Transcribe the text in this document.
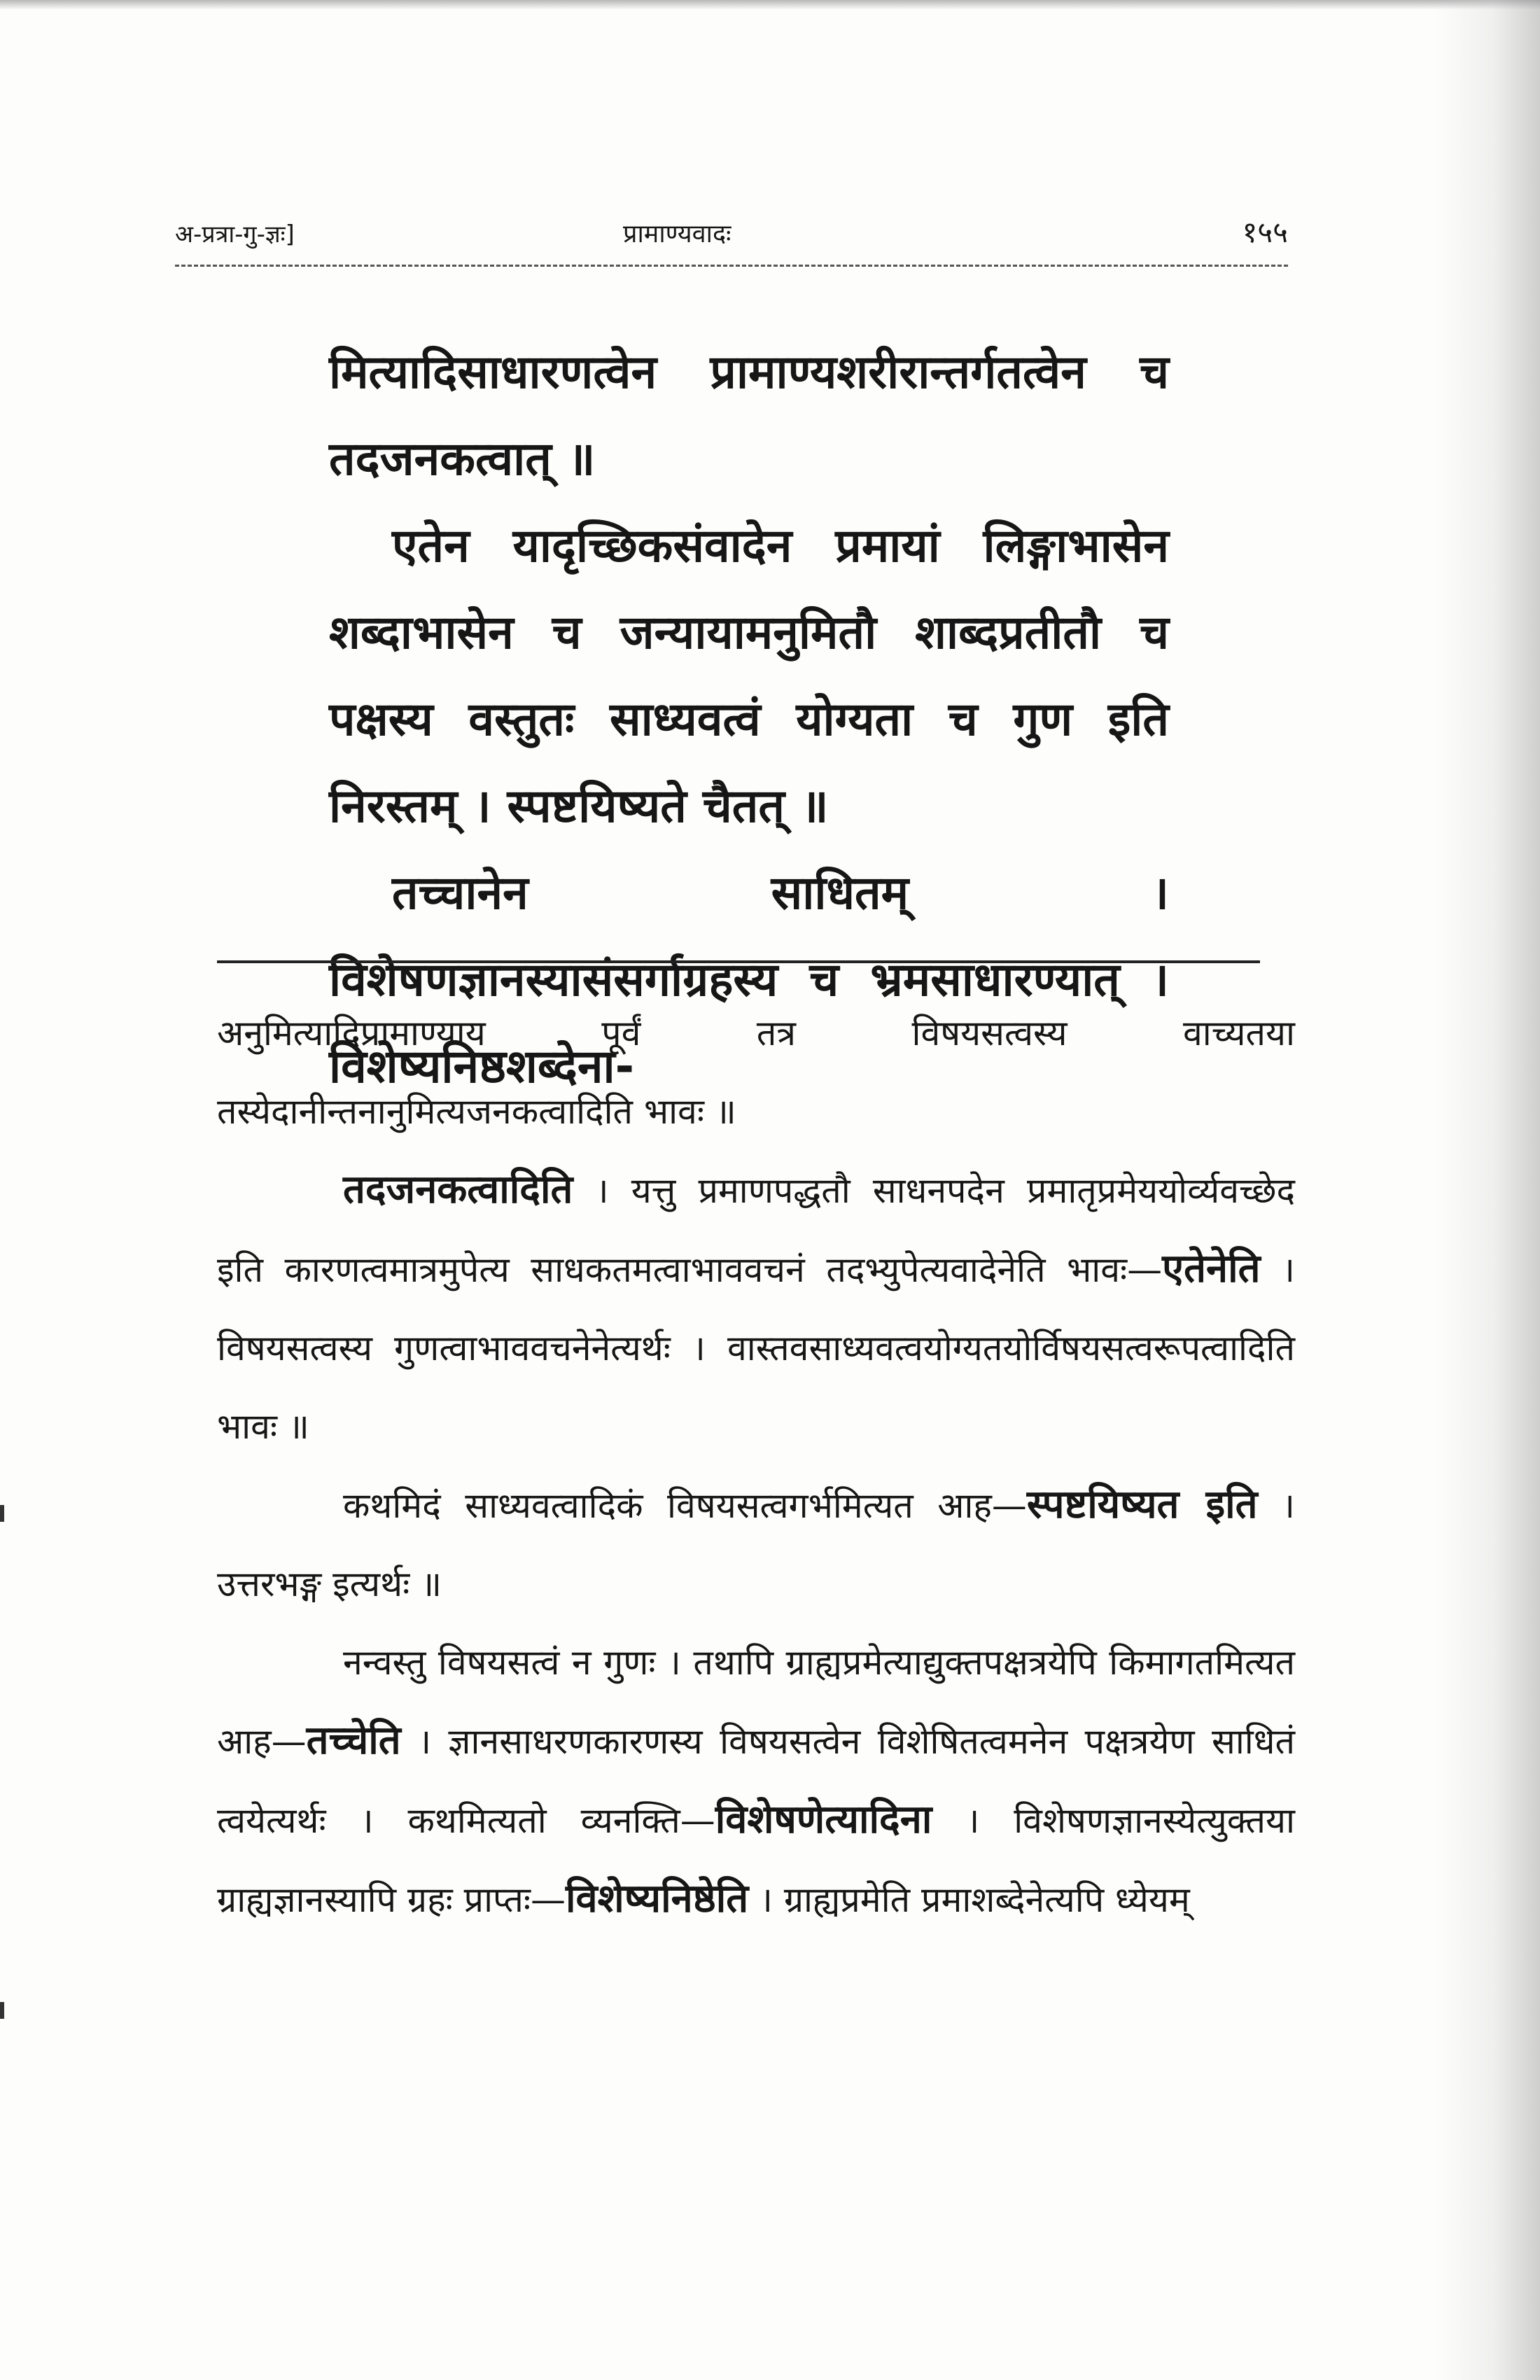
अ-प्रत्रा-गु-ज्ञः]	प्रामाण्यवादः	१५५

मित्यादिसाधारणत्वेन प्रामाण्यशरीरान्तर्गतत्वेन च तदजनकत्वात् ॥

एतेन यादृच्छिकसंवादेन प्रमायां लिङ्गाभासेन शब्दाभासेन च जन्यायामनुमितौ शाब्दप्रतीतौ च पक्षस्य वस्तुतः साध्यवत्वं योग्यता च गुण इति निरस्तम् । स्पष्टयिष्यते चैतत् ॥

तच्चानेन साधितम् । विशेषणज्ञानस्यासंसर्गाग्रहस्य च भ्रमसाधारण्यात् । विशेष्यनिष्ठशब्देना-

अनुमित्यादिप्रामाण्याय पूर्वं तत्र विषयसत्वस्य वाच्यतया तस्येदानीन्तनानुमित्यजनकत्वादिति भावः ॥

तदजनकत्वादिति । यत्तु प्रमाणपद्धतौ साधनपदेन प्रमातृप्रमेययोर्व्यवच्छेद इति कारणत्वमात्रमुपेत्य साधकतमत्वाभाववचनं तदभ्युपेत्यवादेनेति भावः—एतेनेति । विषयसत्वस्य गुणत्वाभाववचनेनेत्यर्थः । वास्तवसाध्यवत्वयोग्यतयोर्विषयसत्वरूपत्वादिति भावः ॥

कथमिदं साध्यवत्वादिकं विषयसत्वगर्भमित्यत आह—स्पष्टयिष्यत इति । उत्तरभङ्ग इत्यर्थः ॥

नन्वस्तु विषयसत्वं न गुणः । तथापि ग्राह्यप्रमेत्याद्युक्तपक्षत्रयेपि किमागतमित्यत आह—तच्चेति । ज्ञानसाधरणकारणस्य विषयसत्वेन विशेषितत्वमनेन पक्षत्रयेण साधितं त्वयेत्यर्थः । कथमित्यतो व्यनक्ति—विशेषणेत्यादिना । विशेषणज्ञानस्येत्युक्तया ग्राह्यज्ञानस्यापि ग्रहः प्राप्तः—विशेष्यनिष्ठेति । ग्राह्यप्रमेति प्रमाशब्देनेत्यपि ध्येयम्
